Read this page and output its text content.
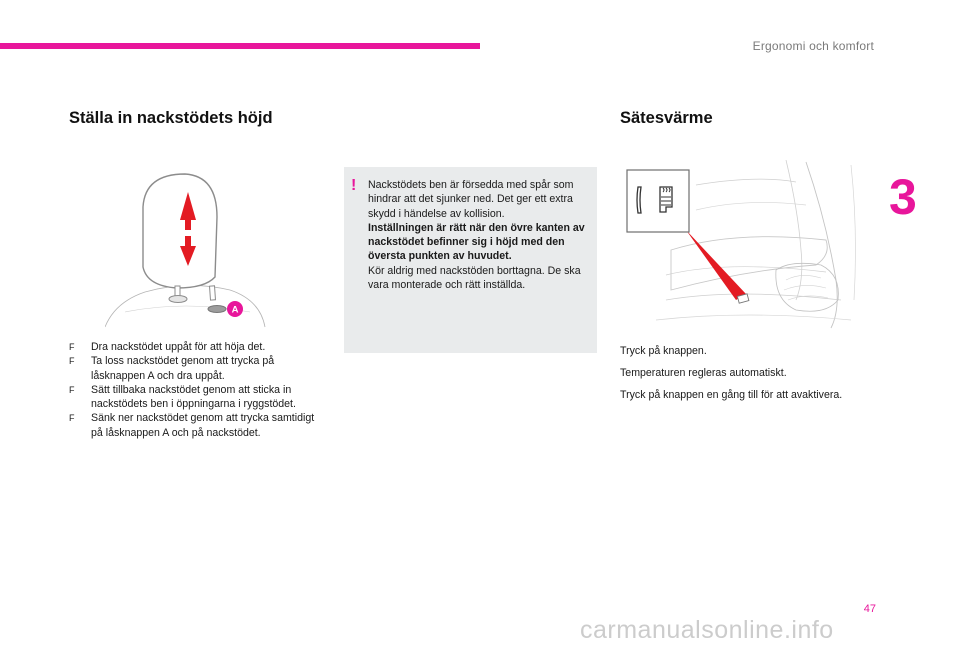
Ergonomi och komfort
3
Ställa in nackstödets höjd	Sätesvärme
A
F Dra nackstödet uppåt för att höja det.
F Ta loss nackstödet genom att trycka på låsknappen A och dra uppåt.
F Sätt tillbaka nackstödet genom att sticka in nackstödets ben i öppningarna i ryggstödet.
F Sänk ner nackstödet genom att trycka samtidigt på låsknappen A och på nackstödet.
! Nackstödets ben är försedda med spår som hindrar att det sjunker ned. Det ger ett extra skydd i händelse av kollision.
Inställningen är rätt när den övre kanten av nackstödet befinner sig i höjd med den översta punkten av huvudet.
Kör aldrig med nackstöden borttagna. De ska vara monterade och rätt inställda.

Tryck på knappen.

Temperaturen regleras automatiskt.

Tryck på knappen en gång till för att avaktivera.

47
carmanualsonline.info
